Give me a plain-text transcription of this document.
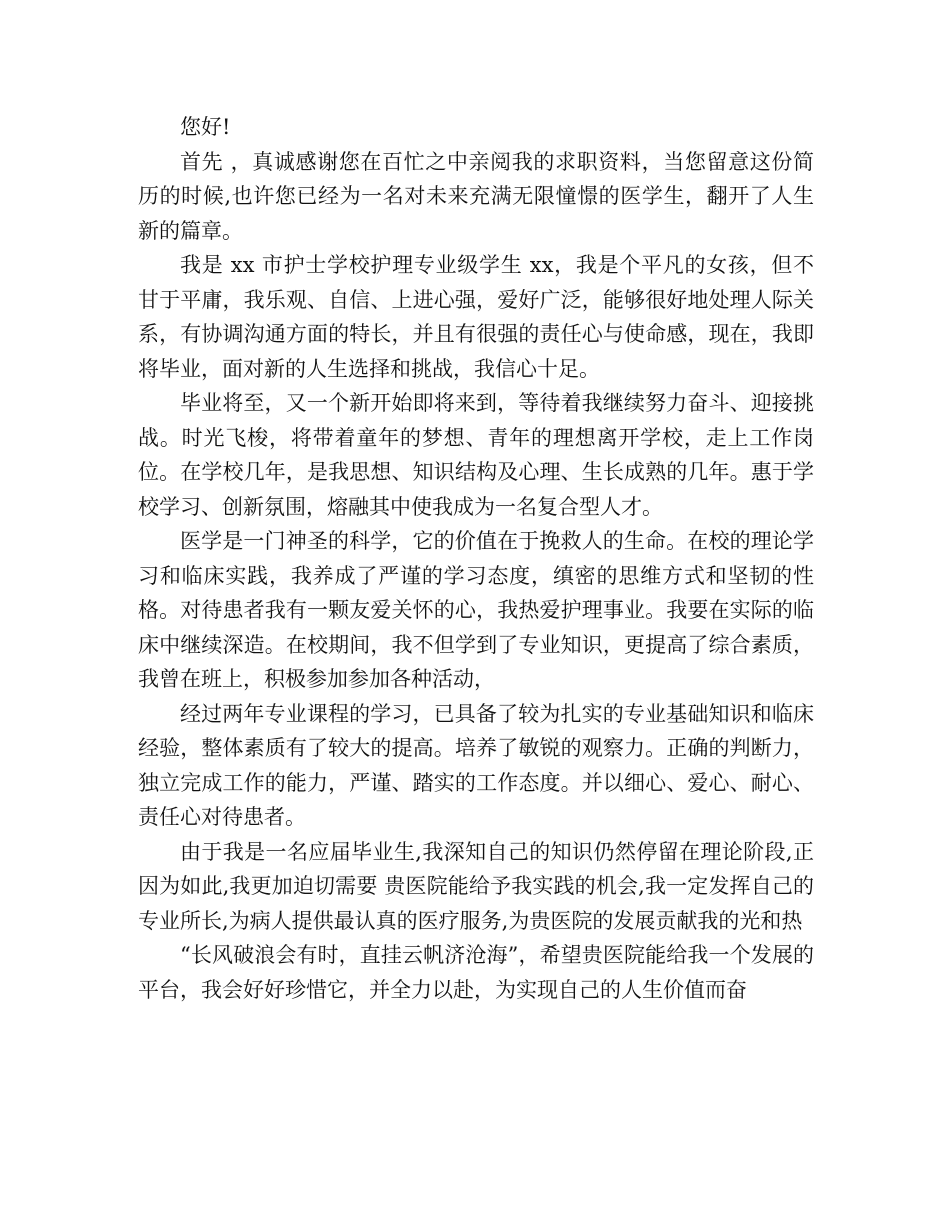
您好!

首先 ，真诚感谢您在百忙之中亲阅我的求职资料，当您留意这份简历的时候,也许您已经为一名对未来充满无限憧憬的医学生，翻开了人生新的篇章。

我是 xx 市护士学校护理专业级学生 xx，我是个平凡的女孩，但不甘于平庸，我乐观、自信、上进心强，爱好广泛，能够很好地处理人际关系，有协调沟通方面的特长，并且有很强的责任心与使命感，现在，我即将毕业，面对新的人生选择和挑战，我信心十足。

毕业将至，又一个新开始即将来到，等待着我继续努力奋斗、迎接挑战。时光飞梭，将带着童年的梦想、青年的理想离开学校，走上工作岗位。在学校几年，是我思想、知识结构及心理、生长成熟的几年。惠于学校学习、创新氛围，熔融其中使我成为一名复合型人才。

医学是一门神圣的科学，它的价值在于挽救人的生命。在校的理论学习和临床实践，我养成了严谨的学习态度，缜密的思维方式和坚韧的性格。对待患者我有一颗友爱关怀的心，我热爱护理事业。我要在实际的临床中继续深造。在校期间，我不但学到了专业知识，更提高了综合素质，我曾在班上，积极参加参加各种活动，

经过两年专业课程的学习，已具备了较为扎实的专业基础知识和临床经验，整体素质有了较大的提高。培养了敏锐的观察力。正确的判断力，独立完成工作的能力，严谨、踏实的工作态度。并以细心、爱心、耐心、责任心对待患者。

由于我是一名应届毕业生,我深知自己的知识仍然停留在理论阶段,正因为如此,我更加迫切需要 贵医院能给予我实践的机会,我一定发挥自己的专业所长,为病人提供最认真的医疗服务,为贵医院的发展贡献我的光和热

“长风破浪会有时，直挂云帆济沧海”，希望贵医院能给我一个发展的平台，我会好好珍惜它，并全力以赴，为实现自己的人生价值而奋
